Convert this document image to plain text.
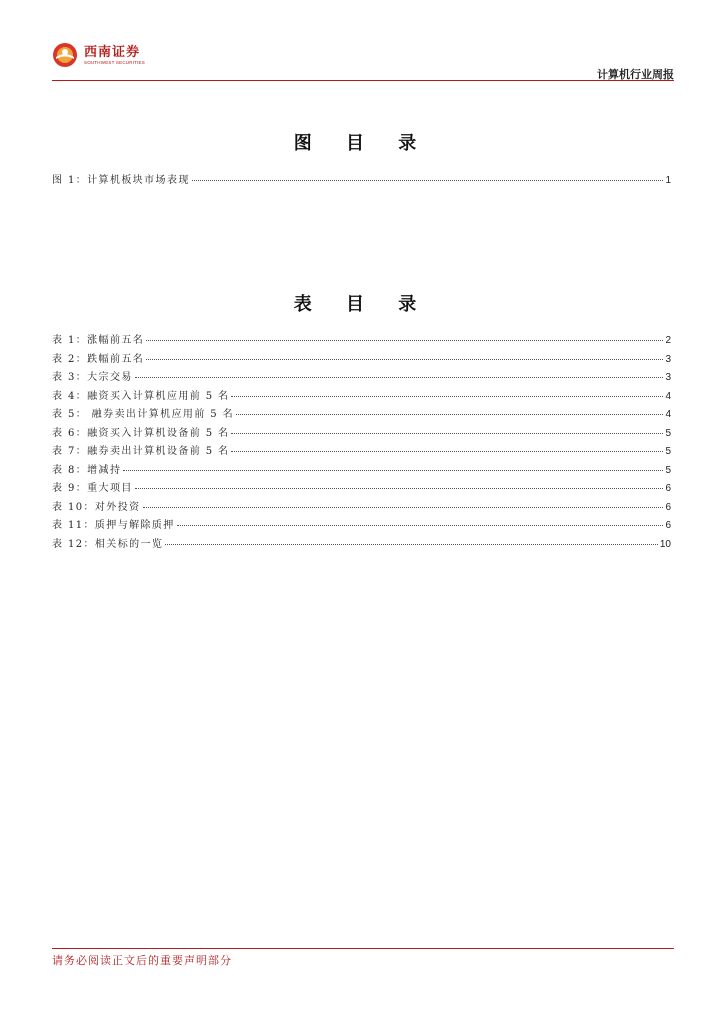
西南证券
SOUTHWEST SECURITIES
计算机行业周报
图 目 录
图 1：计算机板块市场表现	1
表 目 录
表 1：涨幅前五名	2
表 2：跌幅前五名	3
表 3：大宗交易	3
表 4：融资买入计算机应用前 5 名	4
表 5： 融券卖出计算机应用前 5 名	4
表 6：融资买入计算机设备前 5 名	5
表 7：融券卖出计算机设备前 5 名	5
表 8：增减持	5
表 9：重大项目	6
表 10：对外投资	6
表 11：质押与解除质押	6
表 12：相关标的一览	10
请务必阅读正文后的重要声明部分
